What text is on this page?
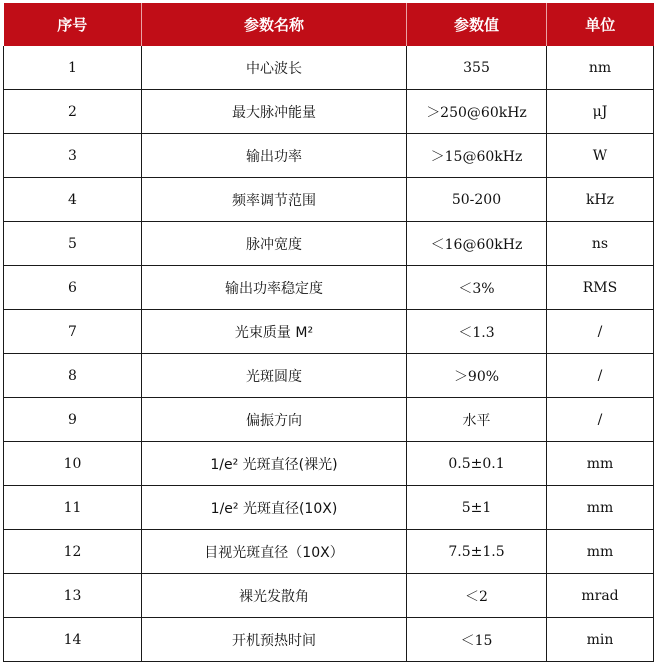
序号	参数名称	参数值	单位
1	中心波长	355	nm
2	最大脉冲能量	＞250@60kHz	μJ
3	输出功率	＞15@60kHz	W
4	频率调节范围	50-200	kHz
5	脉冲宽度	＜16@60kHz	ns
6	输出功率稳定度	＜3%	RMS
7	光束质量 M²	＜1.3	/
8	光斑圆度	＞90%	/
9	偏振方向	水平	/
10	1/e² 光斑直径(裸光)	0.5±0.1	mm
11	1/e² 光斑直径(10X)	5±1	mm
12	目视光斑直径（10X）	7.5±1.5	mm
13	裸光发散角	＜2	mrad
14	开机预热时间	＜15	min
